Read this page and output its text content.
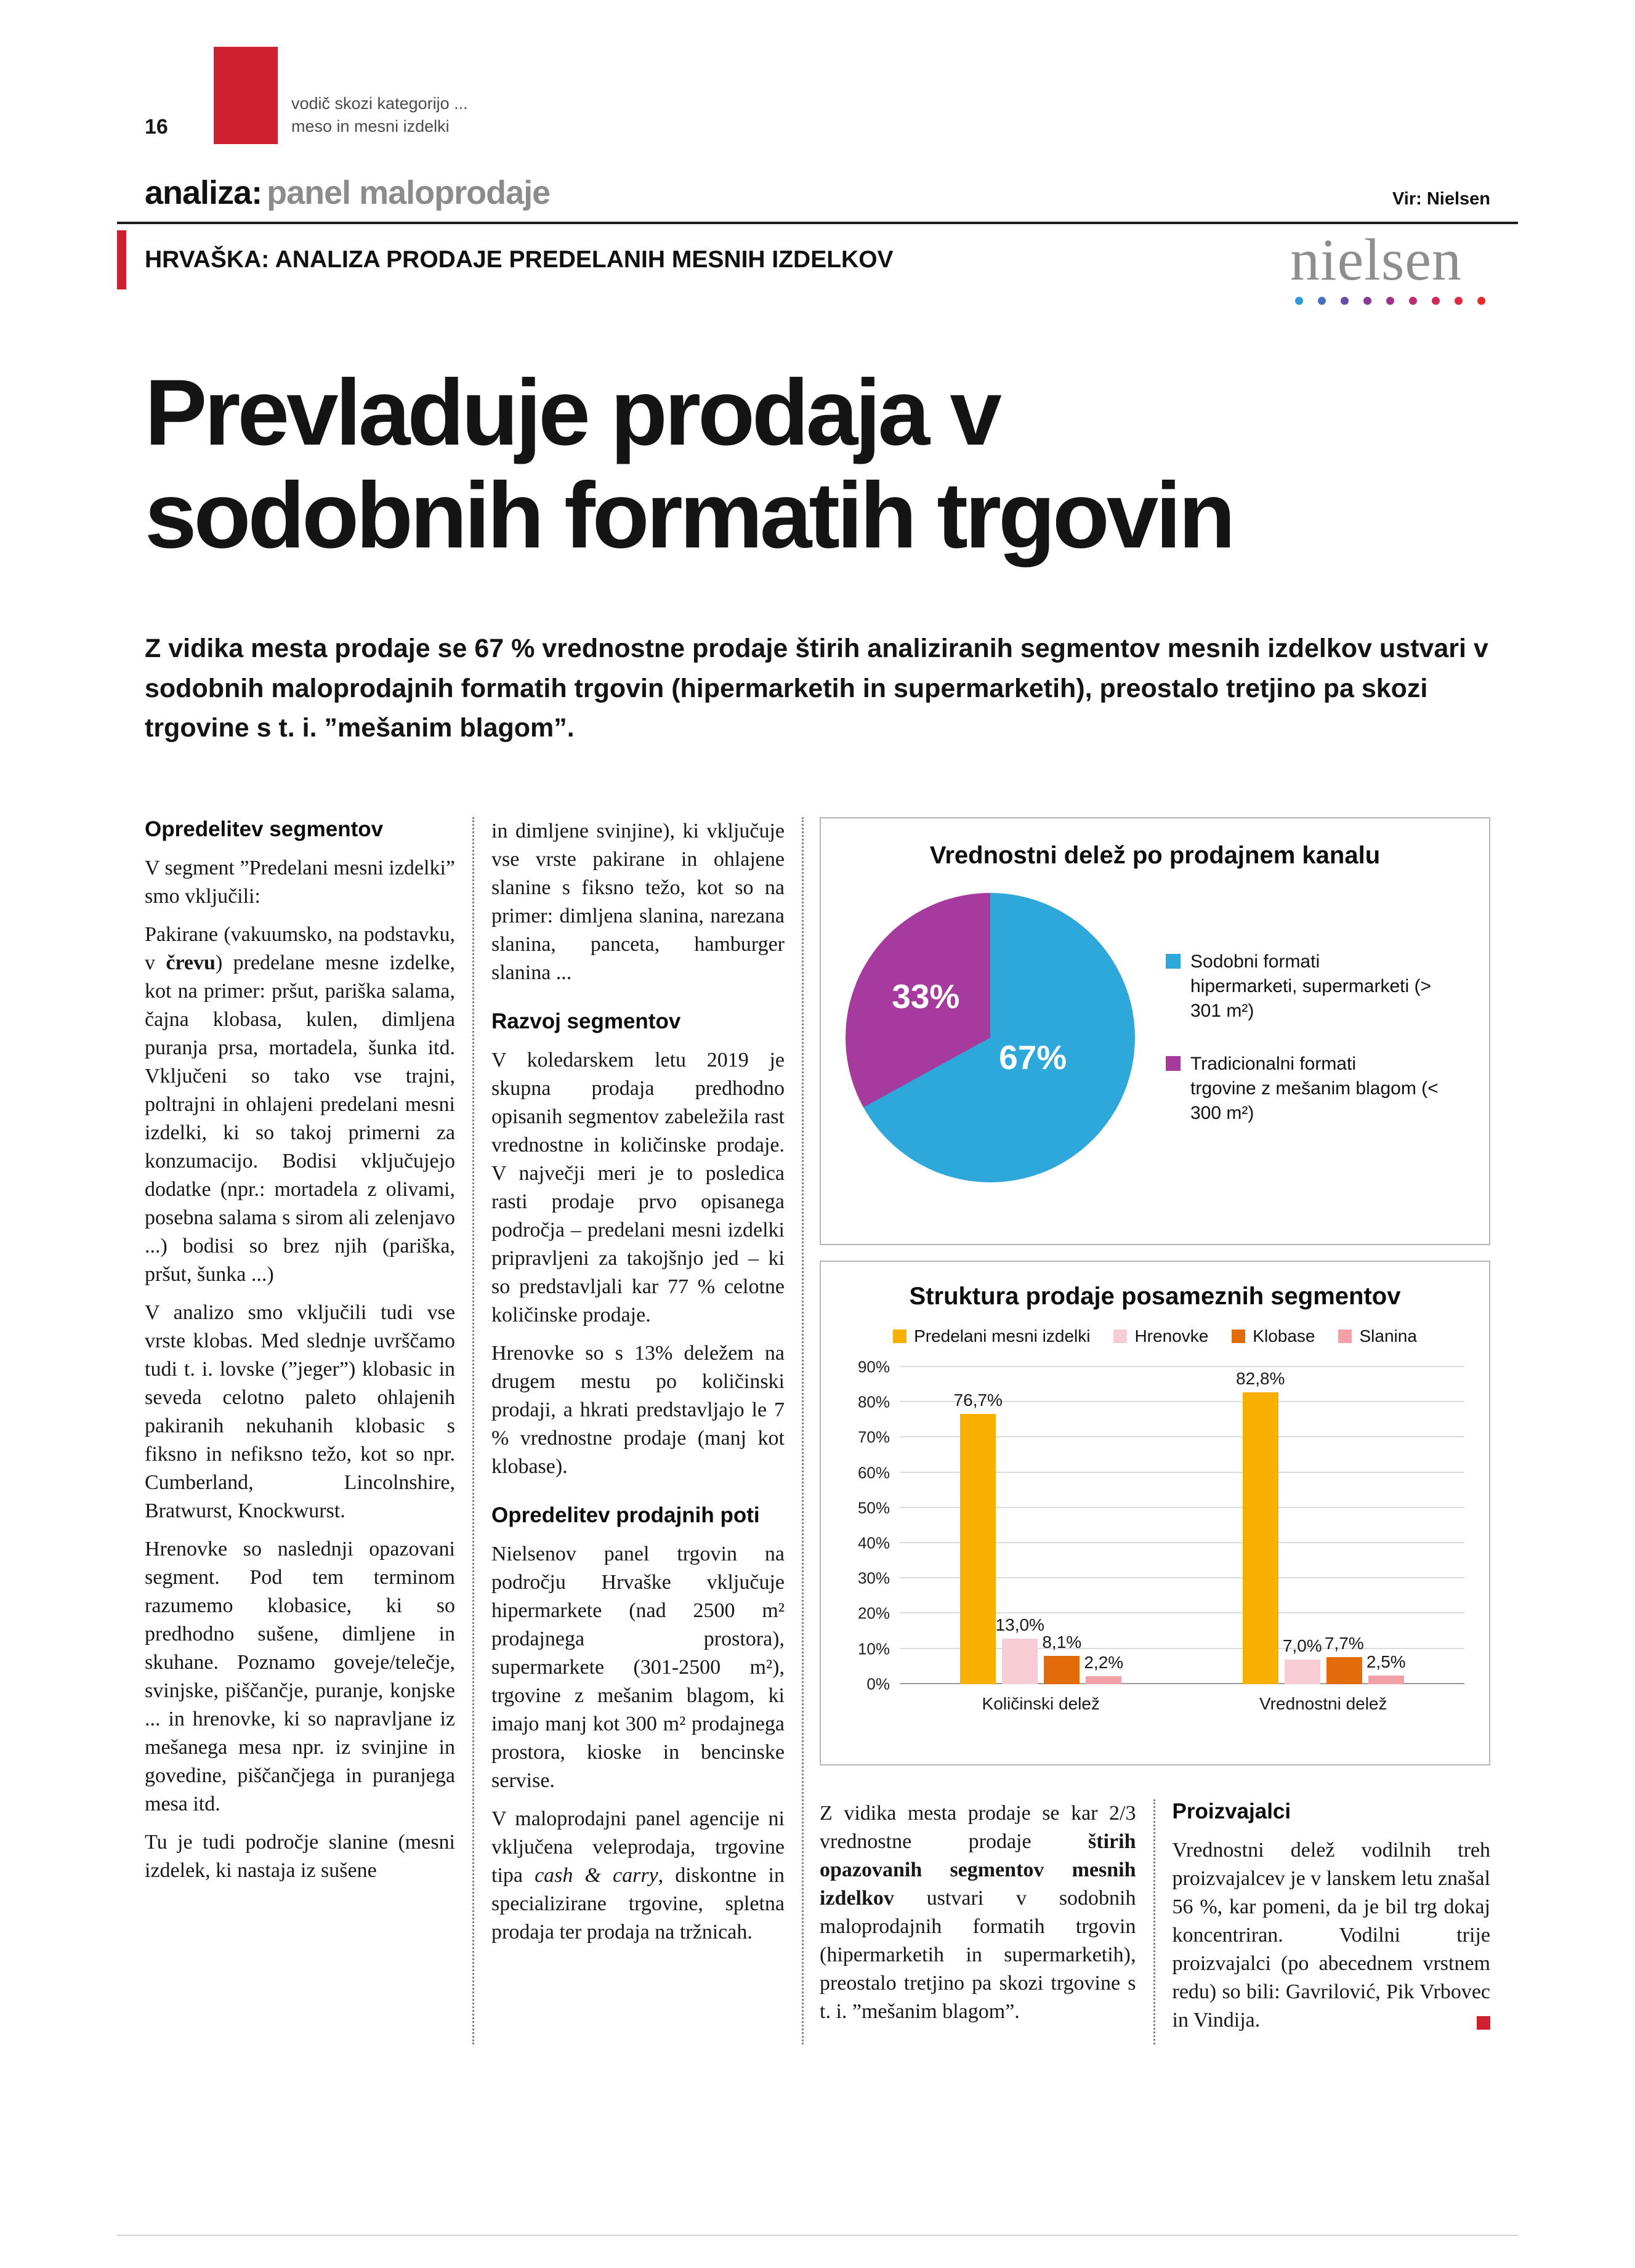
16
vodič skozi kategorijo ...
meso in mesni izdelki
analiza: panel maloprodaje	Vir: Nielsen
HRVAŠKA: ANALIZA PRODAJE PREDELANIH MESNIH IZDELKOV	nielsen
Prevladuje prodaja v
sodobnih formatih trgovin

Z vidika mesta prodaje se 67 % vrednostne prodaje štirih analiziranih segmentov mesnih izdelkov ustvari v sodobnih maloprodajnih formatih trgovin (hipermarketih in supermarketih), preostalo tretjino pa skozi trgovine s t. i. ”mešanim blagom”.

Opredelitev segmentov

V segment ”Predelani mesni izdelki” smo vključili:

Pakirane (vakuumsko, na podstavku, v črevu) predelane mesne izdelke, kot na primer: pršut, pariška salama, čajna klobasa, kulen, dimljena puranja prsa, mortadela, šunka itd. Vključeni so tako vse trajni, poltrajni in ohlajeni predelani mesni izdelki, ki so takoj primerni za konzumacijo. Bodisi vključujejo dodatke (npr.: mortadela z olivami, posebna salama s sirom ali zelenjavo ...) bodisi so brez njih (pariška, pršut, šunka ...)

V analizo smo vključili tudi vse vrste klobas. Med slednje uvrščamo tudi t. i. lovske (”jeger”) klobasic in seveda celotno paleto ohlajenih pakiranih nekuhanih klobasic s fiksno in nefiksno težo, kot so npr. Cumberland, Lincolnshire, Bratwurst, Knockwurst.

Hrenovke so naslednji opazovani segment. Pod tem terminom razumemo klobasice, ki so predhodno sušene, dimljene in skuhane. Poznamo goveje/telečje, svinjske, piščančje, puranje, konjske ... in hrenovke, ki so napravljane iz mešanega mesa npr. iz svinjine in govedine, piščančjega in puranjega mesa itd.

Tu je tudi področje slanine (mesni izdelek, ki nastaja iz sušene

in dimljene svinjine), ki vključuje vse vrste pakirane in ohlajene slanine s fiksno težo, kot so na primer: dimljena slanina, narezana slanina, panceta, hamburger slanina ...

Razvoj segmentov

V koledarskem letu 2019 je skupna prodaja predhodno opisanih segmentov zabeležila rast vrednostne in količinske prodaje. V največji meri je to posledica rasti prodaje prvo opisanega področja – predelani mesni izdelki pripravljeni za takojšnjo jed – ki so predstavljali kar 77 % celotne količinske prodaje.

Hrenovke so s 13% deležem na drugem mestu po količinski prodaji, a hkrati predstavljajo le 7 % vrednostne prodaje (manj kot klobase).

Opredelitev prodajnih poti

Nielsenov panel trgovin na področju Hrvaške vključuje hipermarkete (nad 2500 m² prodajnega prostora), supermarkete (301-2500 m²), trgovine z mešanim blagom, ki imajo manj kot 300 m² prodajnega prostora, kioske in bencinske servise.

V maloprodajni panel agencije ni vključena veleprodaja, trgovine tipa cash & carry, diskontne in specializirane trgovine, spletna prodaja ter prodaja na tržnicah.

Vrednostni delež po prodajnem kanalu
33%
67%
Sodobni formati
hipermarketi, supermarketi (> 301 m²)
Tradicionalni formati
trgovine z mešanim blagom (< 300 m²)
Struktura prodaje posameznih segmentov
Predelani mesni izdelki	Hrenovke	Klobase	Slanina
0%
10%
20%
30%
40%
50%
60%
70%
80%
90%
76,7%
13,0%
8,1%
2,2%
82,8%
7,0% 7,7%
2,5%
Količinski delež	Vrednostni delež

Z vidika mesta prodaje se kar 2/3 vrednostne prodaje štirih opazovanih segmentov mesnih izdelkov ustvari v sodobnih maloprodajnih formatih trgovin (hipermarketih in supermarketih), preostalo tretjino pa skozi trgovine s t. i. ”mešanim blagom”.

Proizvajalci

Vrednostni delež vodilnih treh proizvajalcev je v lanskem letu znašal 56 %, kar pomeni, da je bil trg dokaj koncentriran. Vodilni trije proizvajalci (po abecednem vrstnem redu) so bili: Gavrilović, Pik Vrbovec in Vindija.
